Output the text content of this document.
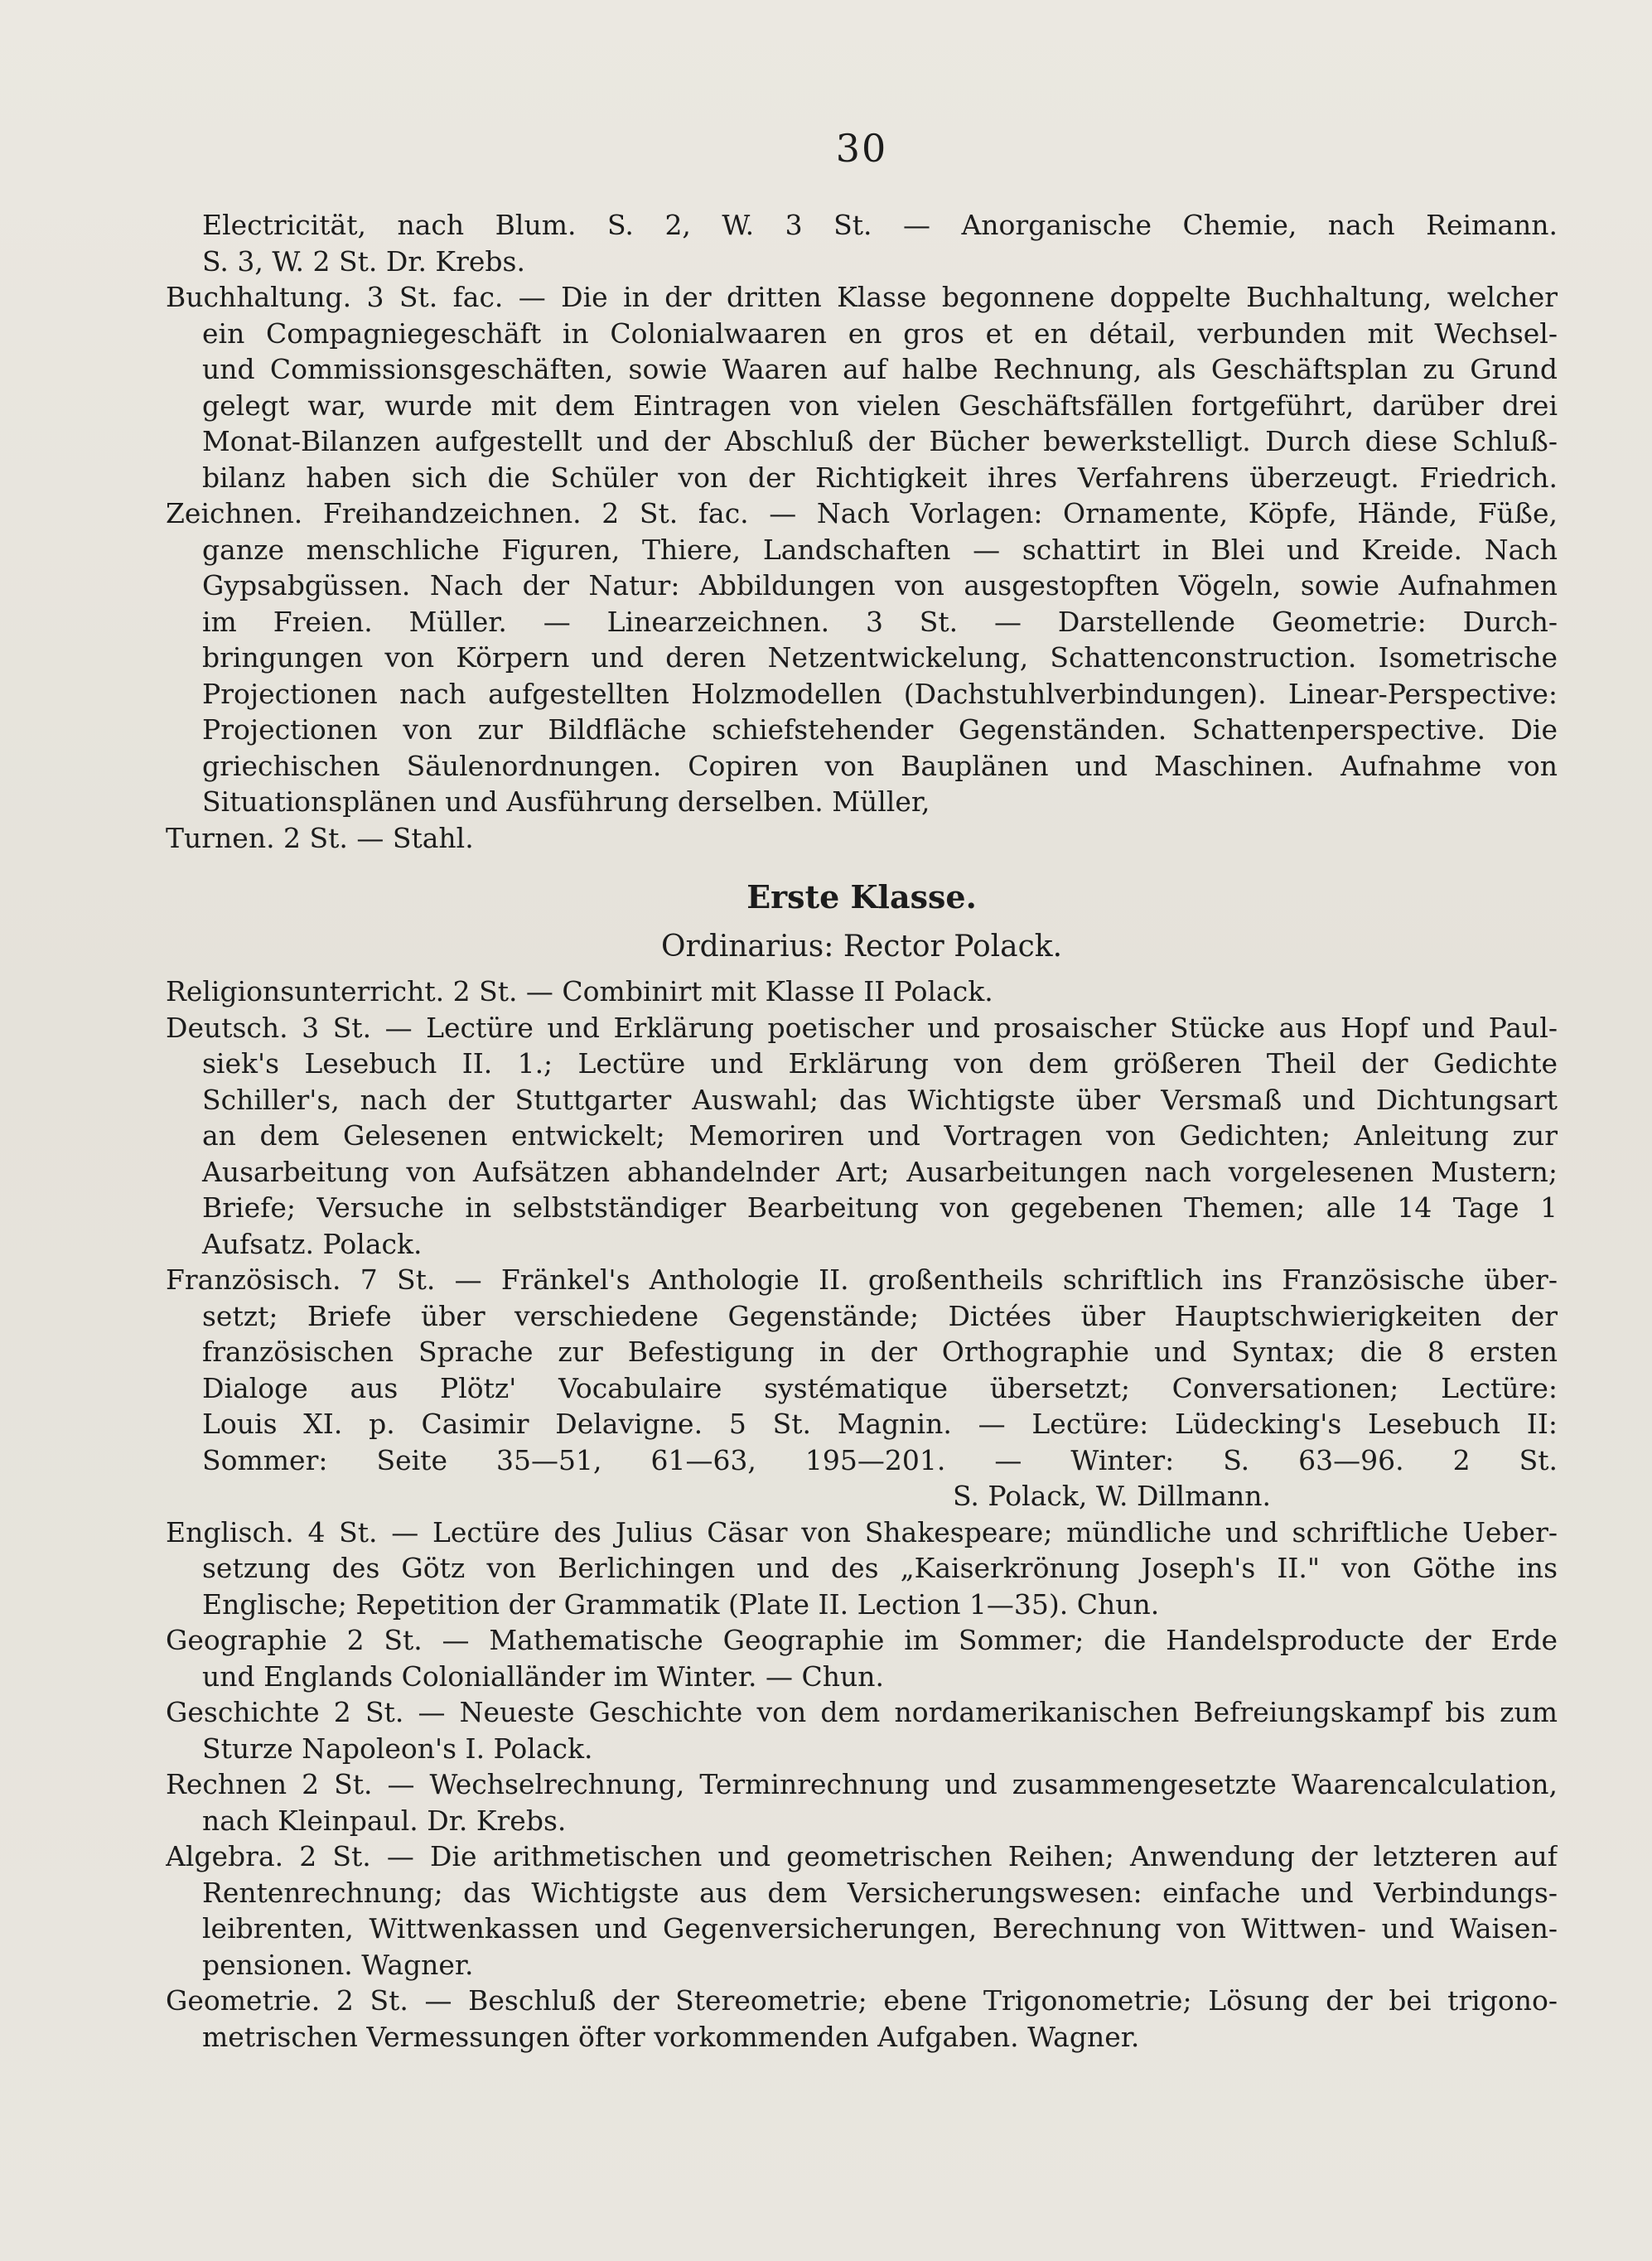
30
Electricität, nach Blum. S. 2, W. 3 St. — Anorganische Chemie, nach Reimann.
S. 3, W. 2 St. Dr. Krebs.
Buchhaltung. 3 St. fac. — Die in der dritten Klasse begonnene doppelte Buchhaltung, welcher
ein Compagniegeschäft in Colonialwaaren en gros et en détail, verbunden mit Wechsel-
und Commissionsgeschäften, sowie Waaren auf halbe Rechnung, als Geschäftsplan zu Grund
gelegt war, wurde mit dem Eintragen von vielen Geschäftsfällen fortgeführt, darüber drei
Monat-Bilanzen aufgestellt und der Abschluß der Bücher bewerkstelligt. Durch diese Schluß-
bilanz haben sich die Schüler von der Richtigkeit ihres Verfahrens überzeugt. Friedrich.
Zeichnen. Freihandzeichnen. 2 St. fac. — Nach Vorlagen: Ornamente, Köpfe, Hände, Füße,
ganze menschliche Figuren, Thiere, Landschaften — schattirt in Blei und Kreide. Nach
Gypsabgüssen. Nach der Natur: Abbildungen von ausgestopften Vögeln, sowie Aufnahmen
im Freien. Müller. — Linearzeichnen. 3 St. — Darstellende Geometrie: Durch-
bringungen von Körpern und deren Netzentwickelung, Schattenconstruction. Isometrische
Projectionen nach aufgestellten Holzmodellen (Dachstuhlverbindungen). Linear-Perspective:
Projectionen von zur Bildfläche schiefstehender Gegenständen. Schattenperspective. Die
griechischen Säulenordnungen. Copiren von Bauplänen und Maschinen. Aufnahme von
Situationsplänen und Ausführung derselben. Müller,
Turnen. 2 St. — Stahl.
Erste Klasse.
Ordinarius: Rector Polack.
Religionsunterricht. 2 St. — Combinirt mit Klasse II Polack.
Deutsch. 3 St. — Lectüre und Erklärung poetischer und prosaischer Stücke aus Hopf und Paul-
siek's Lesebuch II. 1.; Lectüre und Erklärung von dem größeren Theil der Gedichte
Schiller's, nach der Stuttgarter Auswahl; das Wichtigste über Versmaß und Dichtungsart
an dem Gelesenen entwickelt; Memoriren und Vortragen von Gedichten; Anleitung zur
Ausarbeitung von Aufsätzen abhandelnder Art; Ausarbeitungen nach vorgelesenen Mustern;
Briefe; Versuche in selbstständiger Bearbeitung von gegebenen Themen; alle 14 Tage 1
Aufsatz. Polack.
Französisch. 7 St. — Fränkel's Anthologie II. großentheils schriftlich ins Französische über-
setzt; Briefe über verschiedene Gegenstände; Dictées über Hauptschwierigkeiten der
französischen Sprache zur Befestigung in der Orthographie und Syntax; die 8 ersten
Dialoge aus Plötz' Vocabulaire systématique übersetzt; Conversationen; Lectüre:
Louis XI. p. Casimir Delavigne. 5 St. Magnin. — Lectüre: Lüdecking's Lesebuch II:
Sommer: Seite 35—51, 61—63, 195—201. — Winter: S. 63—96. 2 St.
S. Polack, W. Dillmann.
Englisch. 4 St. — Lectüre des Julius Cäsar von Shakespeare; mündliche und schriftliche Ueber-
setzung des Götz von Berlichingen und des „Kaiserkrönung Joseph's II." von Göthe ins
Englische; Repetition der Grammatik (Plate II. Lection 1—35). Chun.
Geographie 2 St. — Mathematische Geographie im Sommer; die Handelsproducte der Erde
und Englands Colonialländer im Winter. — Chun.
Geschichte 2 St. — Neueste Geschichte von dem nordamerikanischen Befreiungskampf bis zum
Sturze Napoleon's I. Polack.
Rechnen 2 St. — Wechselrechnung, Terminrechnung und zusammengesetzte Waarencalculation,
nach Kleinpaul. Dr. Krebs.
Algebra. 2 St. — Die arithmetischen und geometrischen Reihen; Anwendung der letzteren auf
Rentenrechnung; das Wichtigste aus dem Versicherungswesen: einfache und Verbindungs-
leibrenten, Wittwenkassen und Gegenversicherungen, Berechnung von Wittwen- und Waisen-
pensionen. Wagner.
Geometrie. 2 St. — Beschluß der Stereometrie; ebene Trigonometrie; Lösung der bei trigono-
metrischen Vermessungen öfter vorkommenden Aufgaben. Wagner.
